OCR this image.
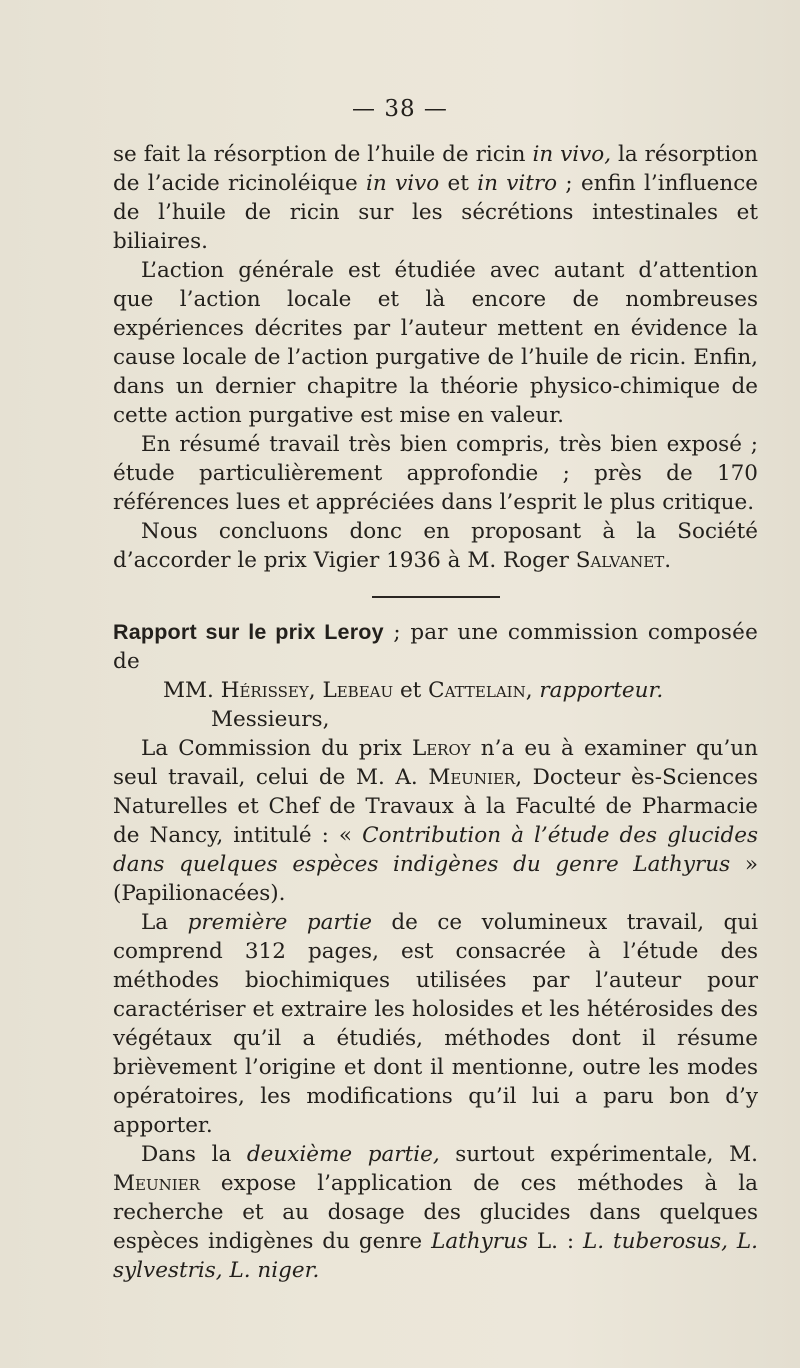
— 38 —

se fait la résorption de l’huile de ricin in vivo, la résorption de l’acide ricinoléique in vivo et in vitro ; enfin l’influence de l’huile de ricin sur les sécrétions intestinales et biliaires.

L’action générale est étudiée avec autant d’attention que l’action locale et là encore de nombreuses expériences décrites par l’auteur mettent en évidence la cause locale de l’action purgative de l’huile de ricin. Enfin, dans un dernier chapitre la théorie physico-chimique de cette action purgative est mise en valeur.

En résumé travail très bien compris, très bien exposé ; étude particulièrement approfondie ; près de 170 références lues et appréciées dans l’esprit le plus critique.

Nous concluons donc en proposant à la Société d’accorder le prix Vigier 1936 à M. Roger Salvanet.

Rapport sur le prix Leroy ; par une commission composée de

MM. Hérissey, Lebeau et Cattelain, rapporteur.

Messieurs,

La Commission du prix Leroy n’a eu à examiner qu’un seul travail, celui de M. A. Meunier, Docteur ès-Sciences Naturelles et Chef de Travaux à la Faculté de Pharmacie de Nancy, intitulé : « Contribution à l’étude des glucides dans quelques espèces indigènes du genre Lathyrus » (Papilionacées).

La première partie de ce volumineux travail, qui comprend 312 pages, est consacrée à l’étude des méthodes biochimiques utilisées par l’auteur pour caractériser et extraire les holosides et les hétérosides des végétaux qu’il a étudiés, méthodes dont il résume brièvement l’origine et dont il mentionne, outre les modes opératoires, les modifications qu’il lui a paru bon d’y apporter.

Dans la deuxième partie, surtout expérimentale, M. Meunier expose l’application de ces méthodes à la recherche et au dosage des glucides dans quelques espèces indigènes du genre Lathyrus L. : L. tuberosus, L. sylvestris, L. niger.
